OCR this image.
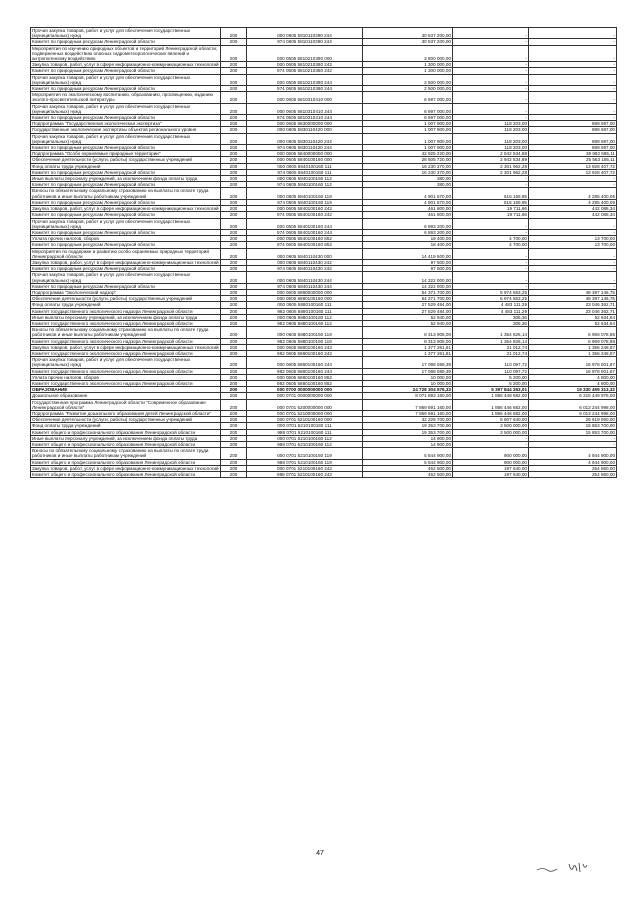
Прочая закупка товаров, работ и услуг для обеспечения государственных (муниципальных) нужд	200	000 0605 5810110390 244	30 537 200,00	-	-
Комитет по природным ресурсам Ленинградской области	200	974 0605 5810110390 244	30 537 200,00	-	-
Мероприятия по изучению природных объектов и территорий Ленинградской области, подверженных воздействию опасных гидрометеорологических явлений и антропогенному воздействию	200	000 0605 5810210380 000	3 800 000,00	-	-
Закупка товаров, работ, услуг в сфере информационно-коммуникационных технологий	200	000 0605 5810210380 242	1 300 000,00	-	-
Комитет по природным ресурсам Ленинградской области	200	974 0605 5810210380 242	1 300 000,00	-	-
Прочая закупка товаров, работ и услуг для обеспечения государственных (муниципальных) нужд	200	000 0605 5810210380 244	2 500 000,00	-	-
Комитет по природным ресурсам Ленинградской области	200	974 0605 5810210380 244	2 500 000,00	-	-
Мероприятия по экологическому воспитанию, образованию, просвещению, изданию эколого-просветительской литературы	200	000 0605 5810310410 000	6 697 000,00	-	-
Прочая закупка товаров, работ и услуг для обеспечения государственных (муниципальных) нужд	200	000 0605 5810310410 244	6 697 000,00	-	-
Комитет по природным ресурсам Ленинградской области	200	974 0605 5810310410 244	6 697 000,00	-	-
Подпрограмма "Государственная экологическая экспертиза"	200	000 0605 5830000000 000	1 007 900,00	118 203,00	889 697,00
Государственные экологические экспертизы объектов регионального уровня	200	000 0605 5830110420 000	1 007 900,00	118 203,00	889 697,00
Прочая закупка товаров, работ и услуг для обеспечения государственных (муниципальных) нужд	200	000 0605 5830110420 244	1 007 900,00	118 203,00	889 697,00
Комитет по природным ресурсам Ленинградской области	200	974 0605 5830110420 244	1 007 900,00	118 203,00	889 697,00
Подпрограмма "Особо охраняемые природные территории"	200	000 0605 5840000000 000	42 925 220,00	2 942 534,89	39 982 685,11
Обеспечение деятельности (услуги, работы) государственных учреждений	200	000 0605 5840100160 000	28 505 720,00	2 942 534,89	25 563 185,11
Фонд оплаты труда учреждений	200	000 0605 5840100160 111	16 230 370,00	2 301 962,28	13 928 407,72
Комитет по природным ресурсам Ленинградской области	200	974 0605 5840100160 111	16 230 370,00	2 301 962,28	13 928 407,72
Иные выплаты персоналу учреждений, за исключением фонда оплаты труда	200	000 0605 5840100160 112	380,00	-	-
Комитет по природным ресурсам Ленинградской области	200	974 0605 5840100160 112	380,00	-	-
Взносы по обязательному социальному страхованию на выплаты по оплате труда работников и иные выплаты работникам учреждений	200	000 0605 5840100160 119	4 901 570,00	616 169,95	4 285 400,05
Комитет по природным ресурсам Ленинградской области	200	974 0605 5840100160 119	4 901 570,00	616 169,95	4 285 400,05
Закупка товаров, работ, услуг в сфере информационно-коммуникационных технологий	200	000 0605 5840100160 242	461 800,00	19 711,66	442 088,34
Комитет по природным ресурсам Ленинградской области	200	974 0605 5840100160 242	461 800,00	19 711,66	442 088,34
Прочая закупка товаров, работ и услуг для обеспечения государственных (муниципальных) нужд	200	000 0605 5840100160 244	6 893 200,00	-	-
Комитет по природным ресурсам Ленинградской области	200	974 0605 5840100160 244	6 893 200,00	-	-
Уплата прочих налогов, сборов	200	000 0605 5840100160 852	18 400,00	4 700,00	13 700,00
Комитет по природным ресурсам Ленинградской области	200	974 0605 5840100160 852	18 400,00	4 700,00	13 700,00
Мероприятия по поддержке и развитию особо охраняемых природных территорий Ленинградской области	200	000 0605 5840110430 000	14 419 500,00	-	-
Закупка товаров, работ, услуг в сфере информационно-коммуникационных технологий	200	000 0605 5840110430 242	97 500,00	-	-
Комитет по природным ресурсам Ленинградской области	200	974 0605 5840110430 242	97 500,00	-	-
Прочая закупка товаров, работ и услуг для обеспечения государственных (муниципальных) нужд	200	000 0605 5840110430 244	14 322 000,00	-	-
Комитет по природным ресурсам Ленинградской области	200	974 0605 5840110430 244	14 322 000,00	-	-
Подпрограмма "Экологический надзор"	200	000 0605 5880000000 000	54 371 700,00	5 974 553,25	48 397 146,75
Обеспечение деятельности (услуги, работы) государственных учреждений	200	000 0605 5880100160 000	54 371 700,00	5 974 553,25	48 397 146,75
Фонд оплаты труда учреждений	200	000 0605 5880100160 111	27 529 484,00	4 483 111,29	23 046 362,71
Комитет государственного экологического надзора Ленинградской области	200	982 0605 5880100160 111	27 529 484,00	4 483 111,29	23 046 362,71
Иные выплаты персоналу учреждений, за исключением фонда оплаты труда	200	000 0605 5880100160 112	52 940,00	305,36	52 634,64
Комитет государственного экологического надзора Ленинградской области	200	982 0605 5880100160 112	52 940,00	305,36	52 634,64
Взносы по обязательному социальному страхованию на выплаты по оплате труда работников и иные выплаты работникам учреждений	200	000 0605 5880100160 119	8 313 905,00	1 354 826,14	6 959 078,86
Комитет государственного экологического надзора Ленинградской области	200	982 0605 5880100160 119	8 313 905,00	1 354 826,14	6 959 078,86
Закупка товаров, работ, услуг в сфере информационно-коммуникационных технологий	200	000 0605 5880100160 242	1 377 261,61	21 012,74	1 356 248,87
Комитет государственного экологического надзора Ленинградской области	200	982 0605 5880100160 242	1 377 261,61	21 012,74	1 356 248,87
Прочая закупка товаров, работ и услуг для обеспечения государственных (муниципальных) нужд	200	000 0605 5880100160 244	17 088 089,39	110 097,72	16 978 001,67
Комитет государственного экологического надзора Ленинградской области	200	982 0605 5880100160 244	17 088 089,39	110 097,72	16 978 001,67
Уплата прочих налогов, сборов	200	000 0605 5880100160 852	10 000,00	5 200,00	4 800,00
Комитет государственного экологического надзора Ленинградской области	200	982 0605 5880100160 852	10 000,00	5 200,00	4 800,00
ОБРАЗОВАНИЕ	200	000 0700 0000000000 000	24 728 304 576,33	5 397 844 263,01	19 330 459 313,32
Дошкольное образование	200	000 0701 0000000000 000	8 071 893 160,00	1 856 448 682,00	6 215 449 978,00
Государственная программа Ленинградской области "Современное образование Ленинградской области"	200	000 0701 5200000000 000	7 869 691 160,00	1 856 446 682,00	6 013 244 998,00
Подпрограмма "Развитие дошкольного образования детей Ленинградской области"	200	000 0701 5210000000 000	7 869 691 160,00	1 856 446 682,00	6 013 244 998,00
Обеспечение деятельности (услуги, работы) государственных учреждений	200	000 0701 5210100160 000	32 226 700,00	5 607 640,00	26 619 060,00
Фонд оплаты труда учреждений	200	000 0701 5210100160 111	19 353 700,00	3 500 000,00	15 853 700,00
Комитет общего и профессионального образования Ленинградской области	200	988 0701 5210100160 111	19 353 700,00	3 500 000,00	15 853 700,00
Иные выплаты персоналу учреждений, за исключением фонда оплаты труда	200	000 0701 5210100160 112	14 900,00	-	-
Комитет общего и профессионального образования Ленинградской области	200	988 0701 5210100160 112	14 900,00	-	-
Взносы по обязательному социальному страхованию на выплаты по оплате труда работников и иные выплаты работникам учреждений	200	000 0701 5210100160 119	5 844 900,00	900 000,00	4 944 900,00
Комитет общего и профессионального образования Ленинградской области	200	988 0701 5210100160 119	5 844 900,00	900 000,00	4 944 900,00
Закупка товаров, работ, услуг в сфере информационно-коммуникационных технологий	200	000 0701 5210100160 242	452 500,00	197 640,00	254 860,00
Комитет общего и профессионального образования Ленинградской области	200	988 0701 5210100160 242	452 500,00	197 640,00	254 860,00
47
